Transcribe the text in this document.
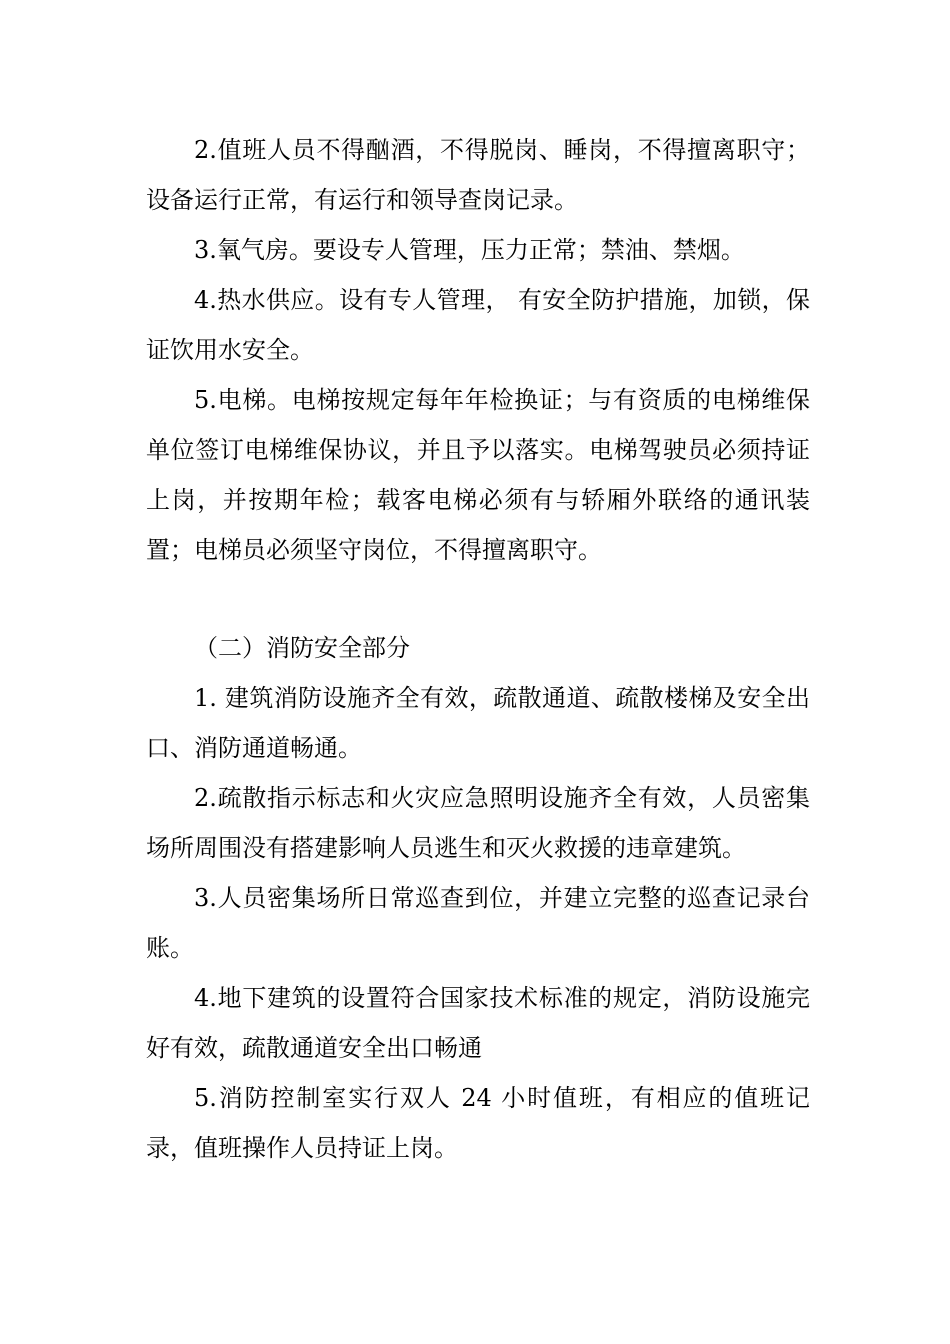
2.值班人员不得酗酒，不得脱岗、睡岗，不得擅离职守；设备运行正常，有运行和领导查岗记录。

3.氧气房。要设专人管理，压力正常；禁油、禁烟。

4.热水供应。设有专人管理， 有安全防护措施，加锁，保证饮用水安全。

5.电梯。电梯按规定每年年检换证；与有资质的电梯维保单位签订电梯维保协议，并且予以落实。电梯驾驶员必须持证上岗，并按期年检；载客电梯必须有与轿厢外联络的通讯装置；电梯员必须坚守岗位，不得擅离职守。

（二）消防安全部分

1. 建筑消防设施齐全有效，疏散通道、疏散楼梯及安全出口、消防通道畅通。

2.疏散指示标志和火灾应急照明设施齐全有效，人员密集场所周围没有搭建影响人员逃生和灭火救援的违章建筑。

3.人员密集场所日常巡查到位，并建立完整的巡查记录台账。

4.地下建筑的设置符合国家技术标准的规定，消防设施完好有效，疏散通道安全出口畅通

5.消防控制室实行双人 24 小时值班，有相应的值班记录，值班操作人员持证上岗。
